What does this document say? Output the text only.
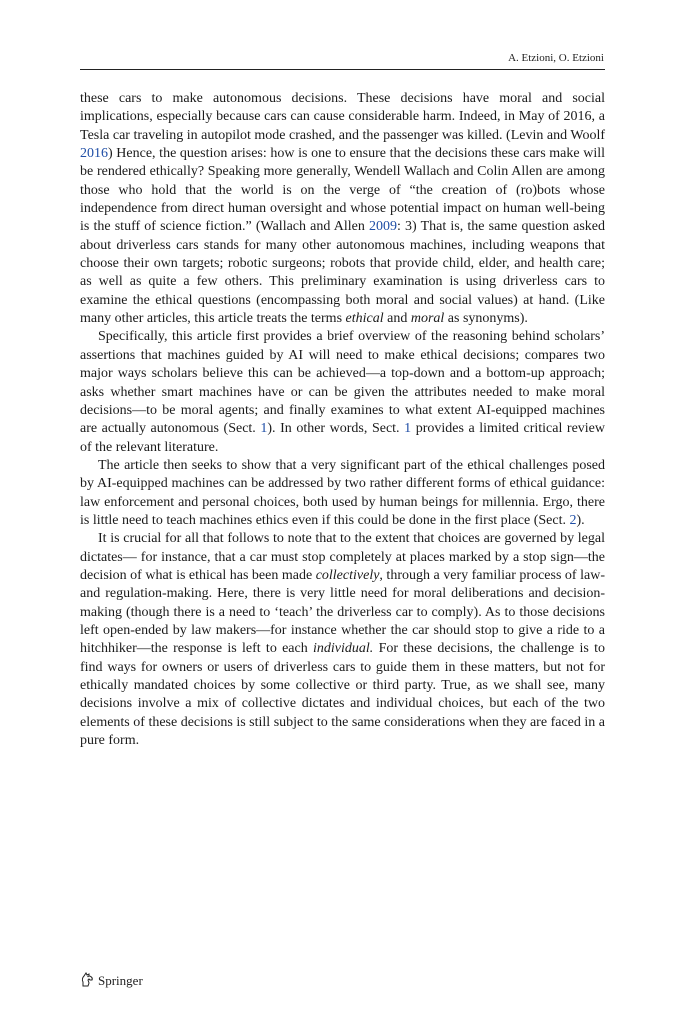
A. Etzioni, O. Etzioni

these cars to make autonomous decisions. These decisions have moral and social implications, especially because cars can cause considerable harm. Indeed, in May of 2016, a Tesla car traveling in autopilot mode crashed, and the passenger was killed. (Levin and Woolf 2016) Hence, the question arises: how is one to ensure that the decisions these cars make will be rendered ethically? Speaking more generally, Wendell Wallach and Colin Allen are among those who hold that the world is on the verge of “the creation of (ro)bots whose independence from direct human oversight and whose potential impact on human well-being is the stuff of science fiction.” (Wallach and Allen 2009: 3) That is, the same question asked about driverless cars stands for many other autonomous machines, including weapons that choose their own targets; robotic surgeons; robots that provide child, elder, and health care; as well as quite a few others. This preliminary examination is using driverless cars to examine the ethical questions (encompassing both moral and social values) at hand. (Like many other articles, this article treats the terms ethical and moral as synonyms).

Specifically, this article first provides a brief overview of the reasoning behind scholars’ assertions that machines guided by AI will need to make ethical decisions; compares two major ways scholars believe this can be achieved—a top-down and a bottom-up approach; asks whether smart machines have or can be given the attributes needed to make moral decisions—to be moral agents; and finally examines to what extent AI-equipped machines are actually autonomous (Sect. 1). In other words, Sect. 1 provides a limited critical review of the relevant literature.

The article then seeks to show that a very significant part of the ethical challenges posed by AI-equipped machines can be addressed by two rather different forms of ethical guidance: law enforcement and personal choices, both used by human beings for millennia. Ergo, there is little need to teach machines ethics even if this could be done in the first place (Sect. 2).

It is crucial for all that follows to note that to the extent that choices are governed by legal dictates— for instance, that a car must stop completely at places marked by a stop sign—the decision of what is ethical has been made collectively, through a very familiar process of law- and regulation-making. Here, there is very little need for moral deliberations and decision-making (though there is a need to ‘teach’ the driverless car to comply). As to those decisions left open-ended by law makers—for instance whether the car should stop to give a ride to a hitchhiker—the response is left to each individual. For these decisions, the challenge is to find ways for owners or users of driverless cars to guide them in these matters, but not for ethically mandated choices by some collective or third party. True, as we shall see, many decisions involve a mix of collective dictates and individual choices, but each of the two elements of these decisions is still subject to the same considerations when they are faced in a pure form.

Springer
